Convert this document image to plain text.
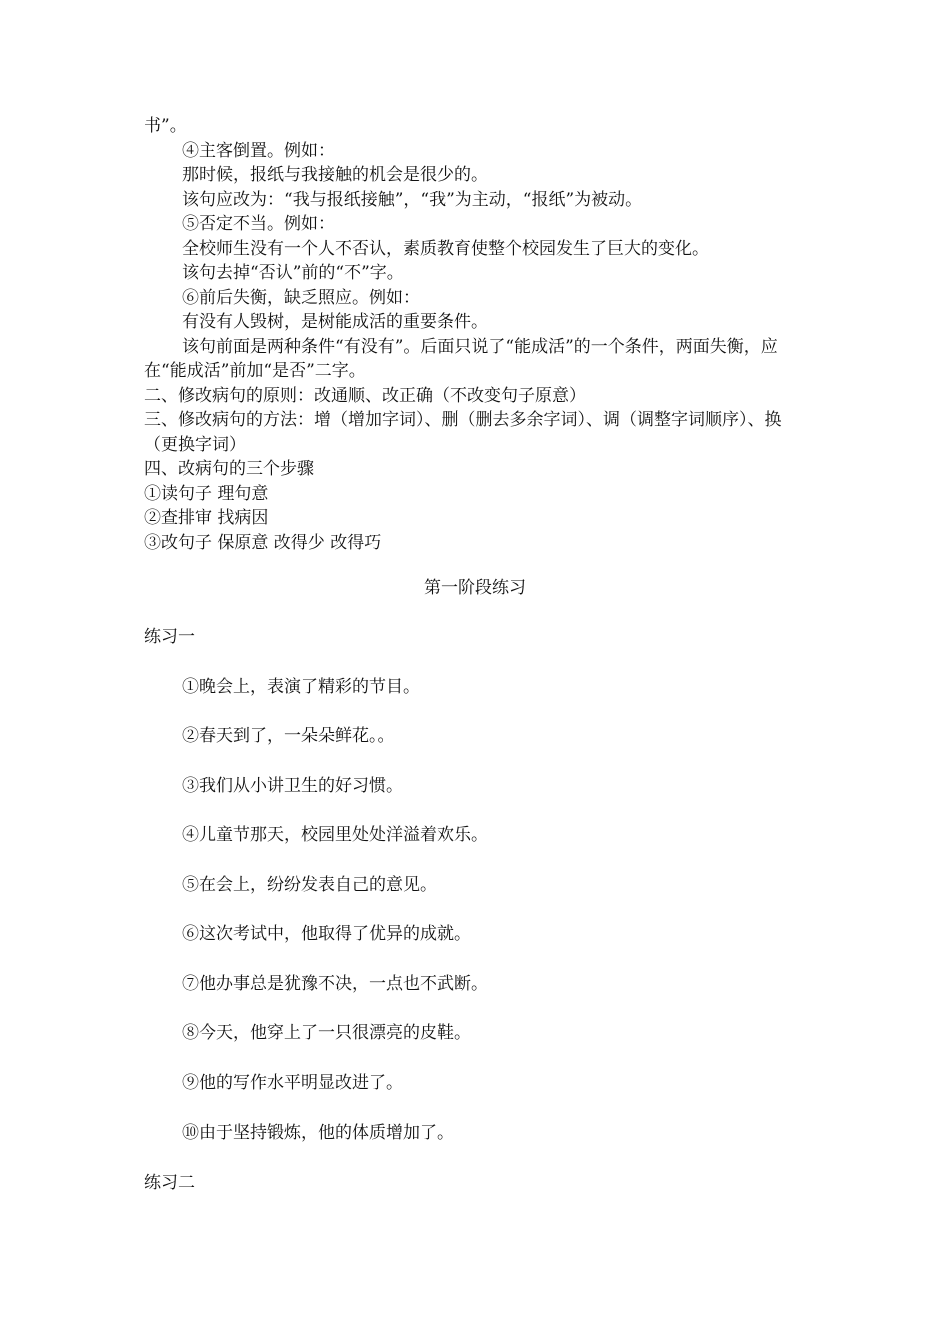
书”。

④主客倒置。例如：

那时候，报纸与我接触的机会是很少的。

该句应改为：“我与报纸接触”，“我”为主动，“报纸”为被动。

⑤否定不当。例如：

全校师生没有一个人不否认，素质教育使整个校园发生了巨大的变化。

该句去掉“否认”前的“不”字。

⑥前后失衡，缺乏照应。例如：

有没有人毁树，是树能成活的重要条件。

该句前面是两种条件“有没有”。后面只说了“能成活”的一个条件，两面失衡，应在“能成活”前加“是否”二字。

二、修改病句的原则：改通顺、改正确（不改变句子原意）

三、修改病句的方法：增（增加字词）、删（删去多余字词）、调（调整字词顺序）、换（更换字词）

四、改病句的三个步骤

①读句子 理句意

②查排审 找病因

③改句子 保原意 改得少 改得巧

第一阶段练习

练习一

①晚会上，表演了精彩的节目。

②春天到了，一朵朵鲜花。。

③我们从小讲卫生的好习惯。

④儿童节那天，校园里处处洋溢着欢乐。

⑤在会上，纷纷发表自己的意见。

⑥这次考试中，他取得了优异的成就。

⑦他办事总是犹豫不决，一点也不武断。

⑧今天，他穿上了一只很漂亮的皮鞋。

⑨他的写作水平明显改进了。

⑩由于坚持锻炼，他的体质增加了。

练习二
